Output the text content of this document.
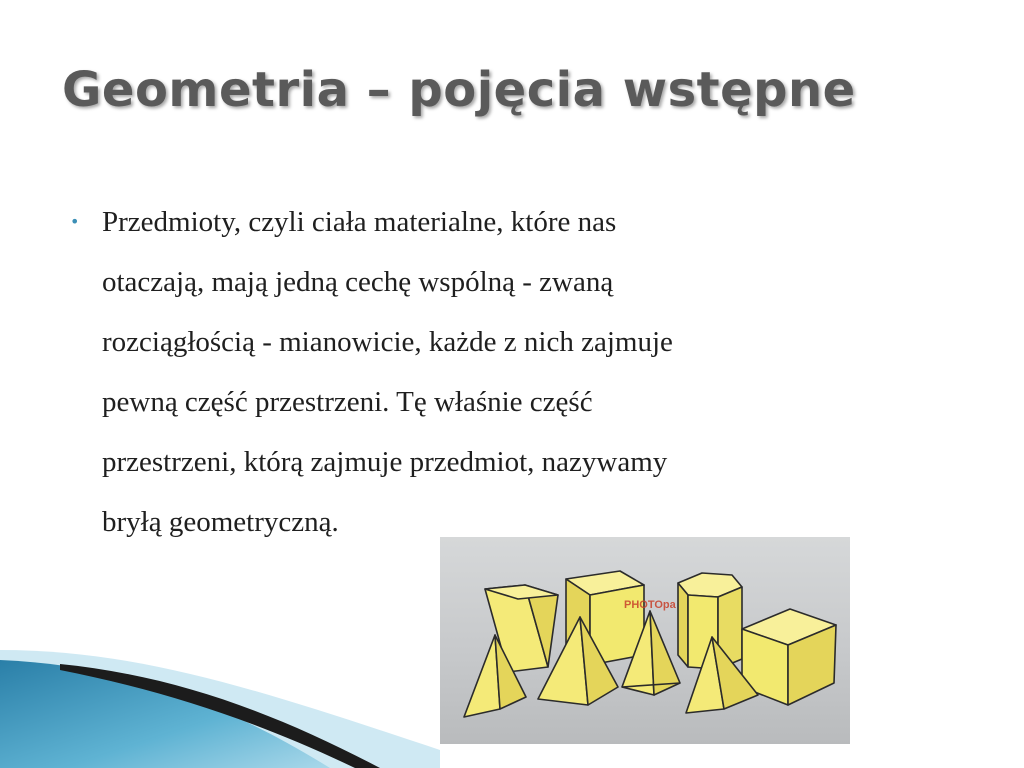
Geometria – pojęcia wstępne
• Przedmioty, czyli ciała materialne, które nas
otaczają, mają jedną cechę wspólną - zwaną
rozciągłością - mianowicie, każde z nich zajmuje
pewną część przestrzeni. Tę właśnie część
przestrzeni, którą zajmuje przedmiot, nazywamy
bryłą geometryczną.

PHOTOpa
